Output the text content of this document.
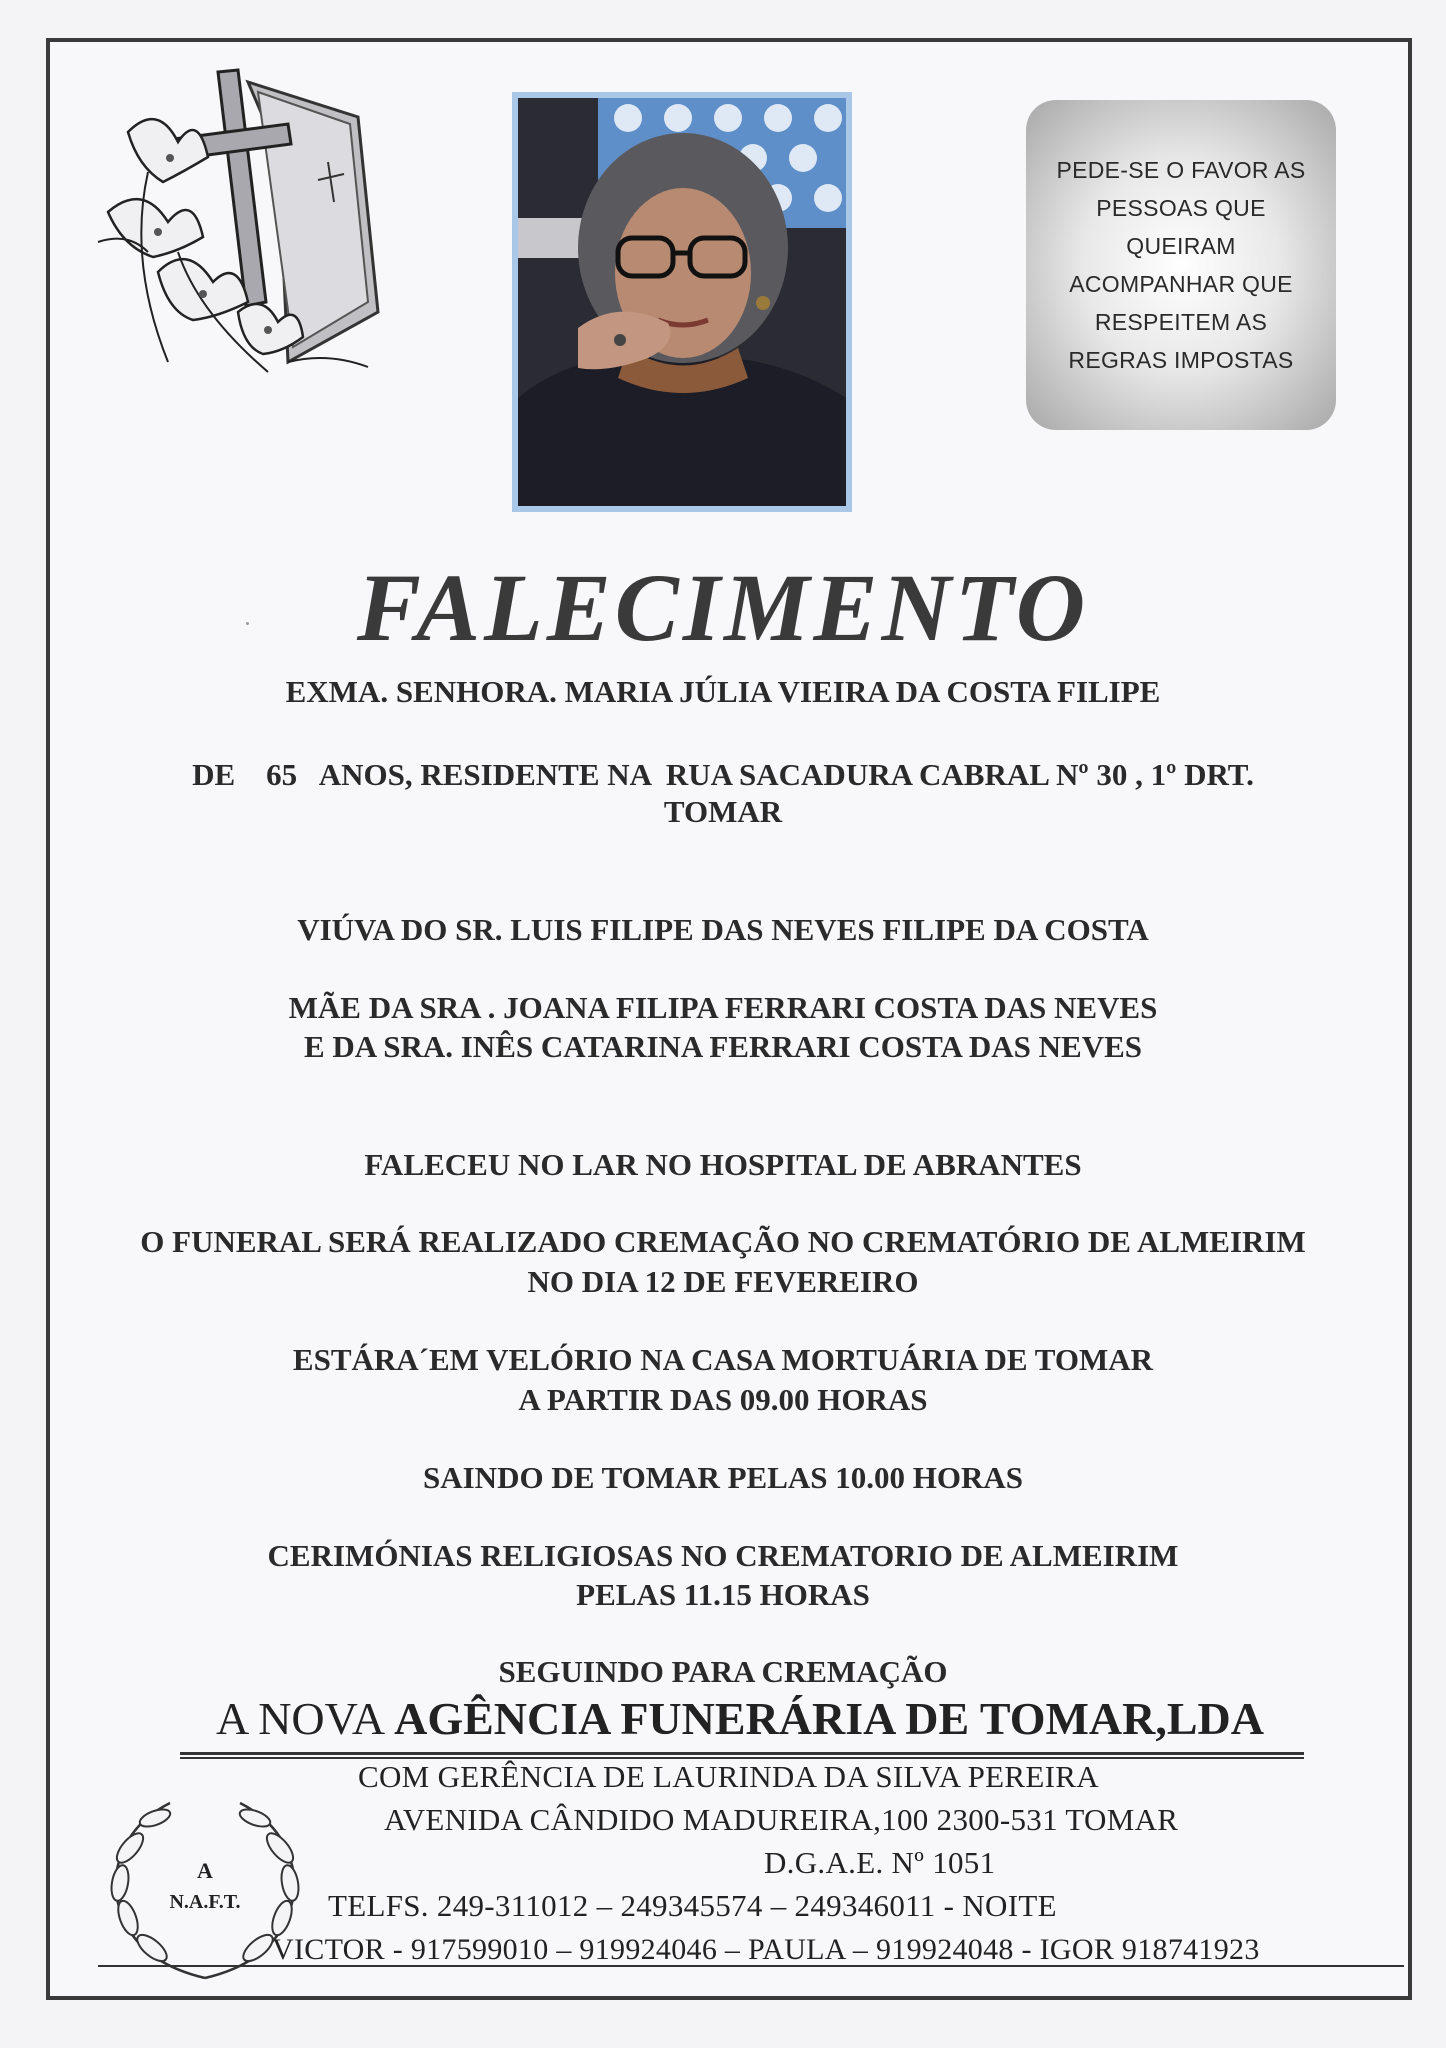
PEDE-SE O FAVOR AS
PESSOAS QUE
QUEIRAM
ACOMPANHAR QUE
RESPEITEM AS
REGRAS IMPOSTAS
FALECIMENTO
EXMA. SENHORA. MARIA JÚLIA VIEIRA DA COSTA FILIPE
DE    65   ANOS, RESIDENTE NA  RUA SACADURA CABRAL Nº 30 , 1º DRT.
TOMAR
VIÚVA DO SR. LUIS FILIPE DAS NEVES FILIPE DA COSTA
MÃE DA SRA . JOANA FILIPA FERRARI COSTA DAS NEVES
E DA SRA. INÊS CATARINA FERRARI COSTA DAS NEVES
FALECEU NO LAR NO HOSPITAL DE ABRANTES
O FUNERAL SERÁ REALIZADO CREMAÇÃO NO CREMATÓRIO DE ALMEIRIM
NO DIA 12 DE FEVEREIRO
ESTÁRA´EM VELÓRIO NA CASA MORTUÁRIA DE TOMAR
A PARTIR DAS 09.00 HORAS
SAINDO DE TOMAR PELAS 10.00 HORAS
CERIMÓNIAS RELIGIOSAS NO CREMATORIO DE ALMEIRIM
PELAS 11.15 HORAS
SEGUINDO PARA CREMAÇÃO
A NOVA AGÊNCIA FUNERÁRIA DE TOMAR,LDA
COM GERÊNCIA DE LAURINDA DA SILVA PEREIRA
AVENIDA CÂNDIDO MADUREIRA,100 2300-531 TOMAR
D.G.A.E. Nº 1051
TELFS. 249-311012 – 249345574 – 249346011 - NOITE
VICTOR - 917599010 – 919924046 – PAULA – 919924048 - IGOR 918741923
A
N.A.F.T.
